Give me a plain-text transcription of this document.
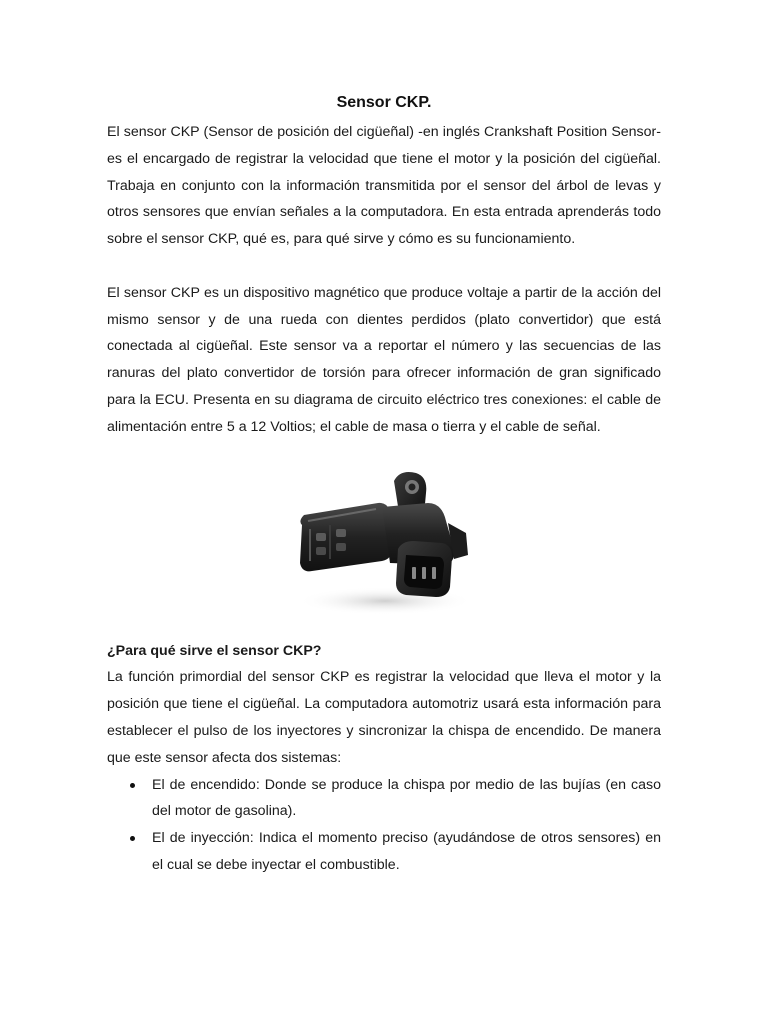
Sensor CKP.

El sensor CKP (Sensor de posición del cigüeñal) -en inglés Crankshaft Position Sensor- es el encargado de registrar la velocidad que tiene el motor y la posición del cigüeñal. Trabaja en conjunto con la información transmitida por el sensor del árbol de levas y otros sensores que envían señales a la computadora. En esta entrada aprenderás todo sobre el sensor CKP, qué es, para qué sirve y cómo es su funcionamiento.

El sensor CKP es un dispositivo magnético que produce voltaje a partir de la acción del mismo sensor y de una rueda con dientes perdidos (plato convertidor) que está conectada al cigüeñal. Este sensor va a reportar el número y las secuencias de las ranuras del plato convertidor de torsión para ofrecer información de gran significado para la ECU. Presenta en su diagrama de circuito eléctrico tres conexiones: el cable de alimentación entre 5 a 12 Voltios; el cable de masa o tierra y el cable de señal.

¿Para qué sirve el sensor CKP?

La función primordial del sensor CKP es registrar la velocidad que lleva el motor y la posición que tiene el cigüeñal. La computadora automotriz usará esta información para establecer el pulso de los inyectores y sincronizar la chispa de encendido. De manera que este sensor afecta dos sistemas:

El de encendido: Donde se produce la chispa por medio de las bujías (en caso del motor de gasolina).
El de inyección: Indica el momento preciso (ayudándose de otros sensores) en el cual se debe inyectar el combustible.
